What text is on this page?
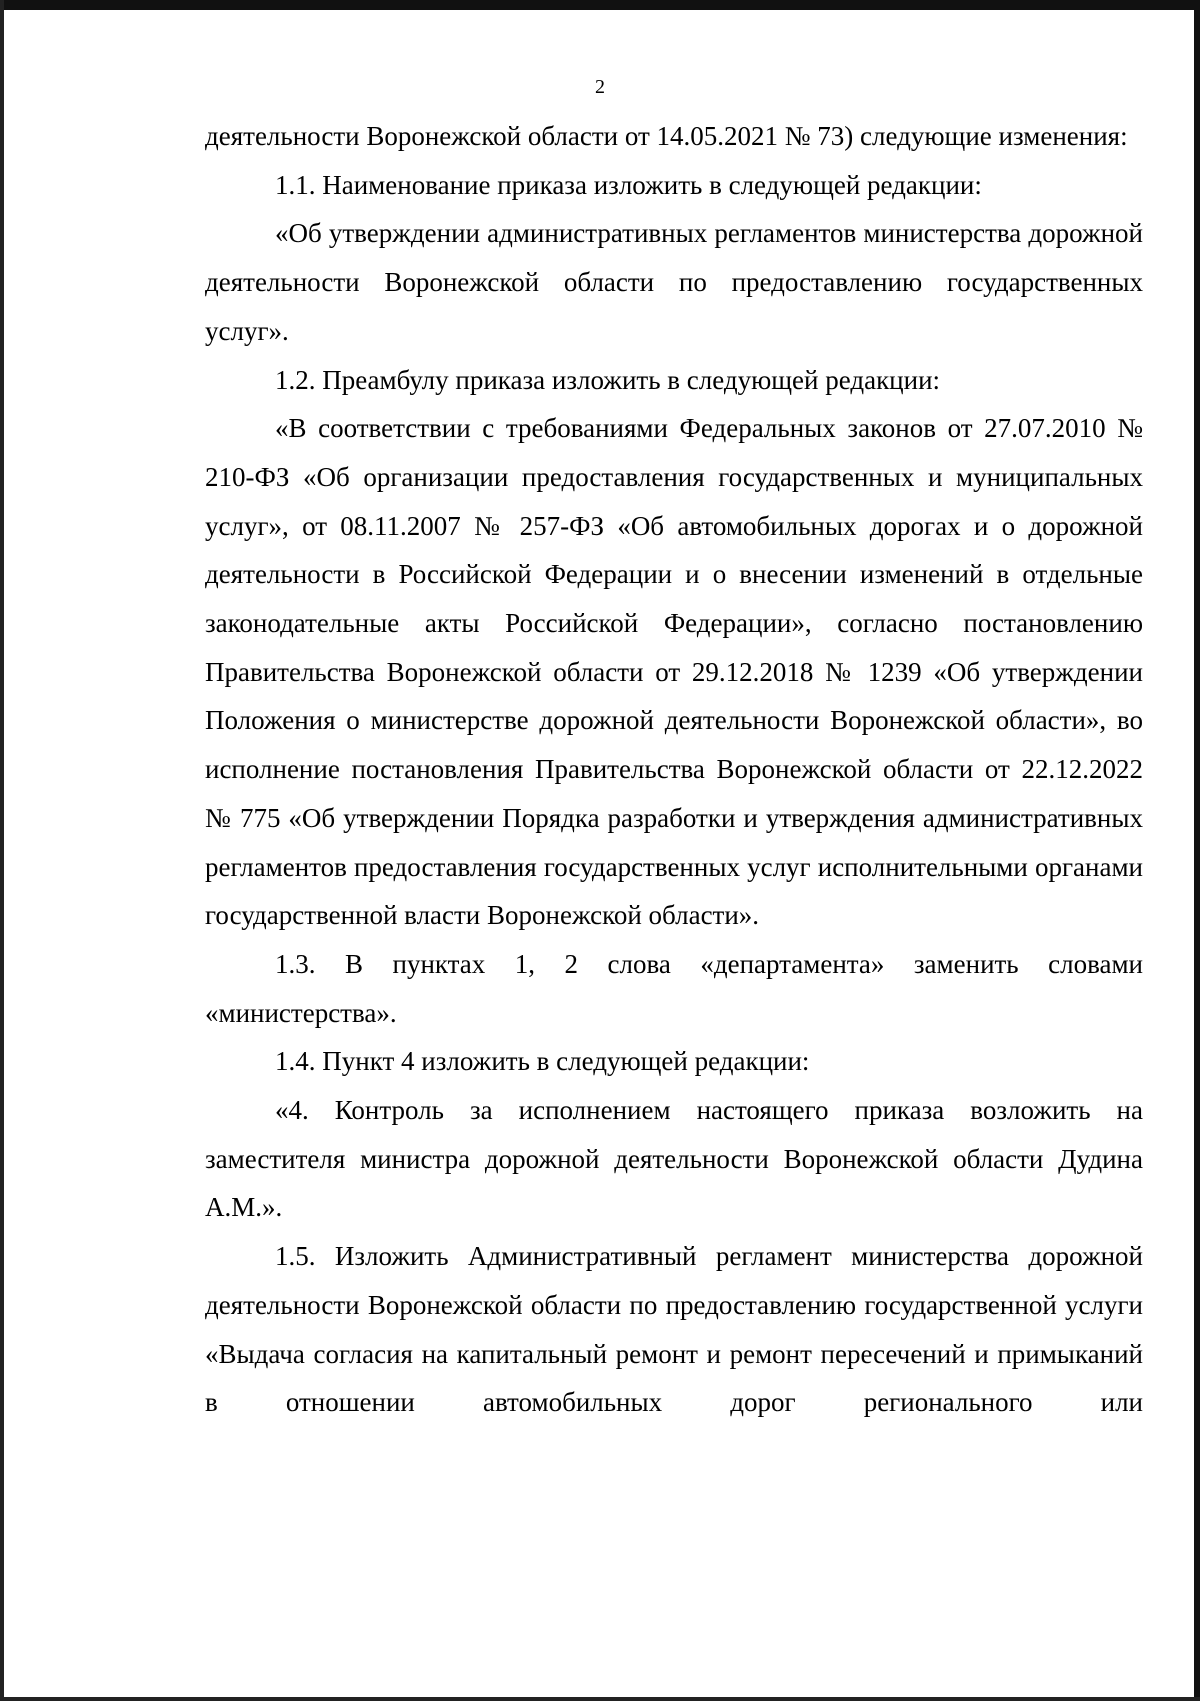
2

деятельности Воронежской области от 14.05.2021 № 73) следующие изменения:

1.1. Наименование приказа изложить в следующей редакции:

«Об утверждении административных регламентов министерства дорожной деятельности Воронежской области по предоставлению государственных услуг».

1.2. Преамбулу приказа изложить в следующей редакции:

«В соответствии с требованиями Федеральных законов от 27.07.2010 № 210-ФЗ «Об организации предоставления государственных и муниципальных услуг», от 08.11.2007 № 257-ФЗ «Об автомобильных дорогах и о дорожной деятельности в Российской Федерации и о внесении изменений в отдельные законодательные акты Российской Федерации», согласно постановлению Правительства Воронежской области от 29.12.2018 № 1239 «Об утверждении Положения о министерстве дорожной деятельности Воронежской области», во исполнение постановления Правительства Воронежской области от 22.12.2022 № 775 «Об утверждении Порядка разработки и утверждения административных регламентов предоставления государственных услуг исполнительными органами государственной власти Воронежской области».

1.3. В пунктах 1, 2 слова «департамента» заменить словами «министерства».

1.4. Пункт 4 изложить в следующей редакции:

«4. Контроль за исполнением настоящего приказа возложить на заместителя министра дорожной деятельности Воронежской области Дудина А.М.».

1.5. Изложить Административный регламент министерства дорожной деятельности Воронежской области по предоставлению государственной услуги «Выдача согласия на капитальный ремонт и ремонт пересечений и примыканий в отношении автомобильных дорог регионального или
